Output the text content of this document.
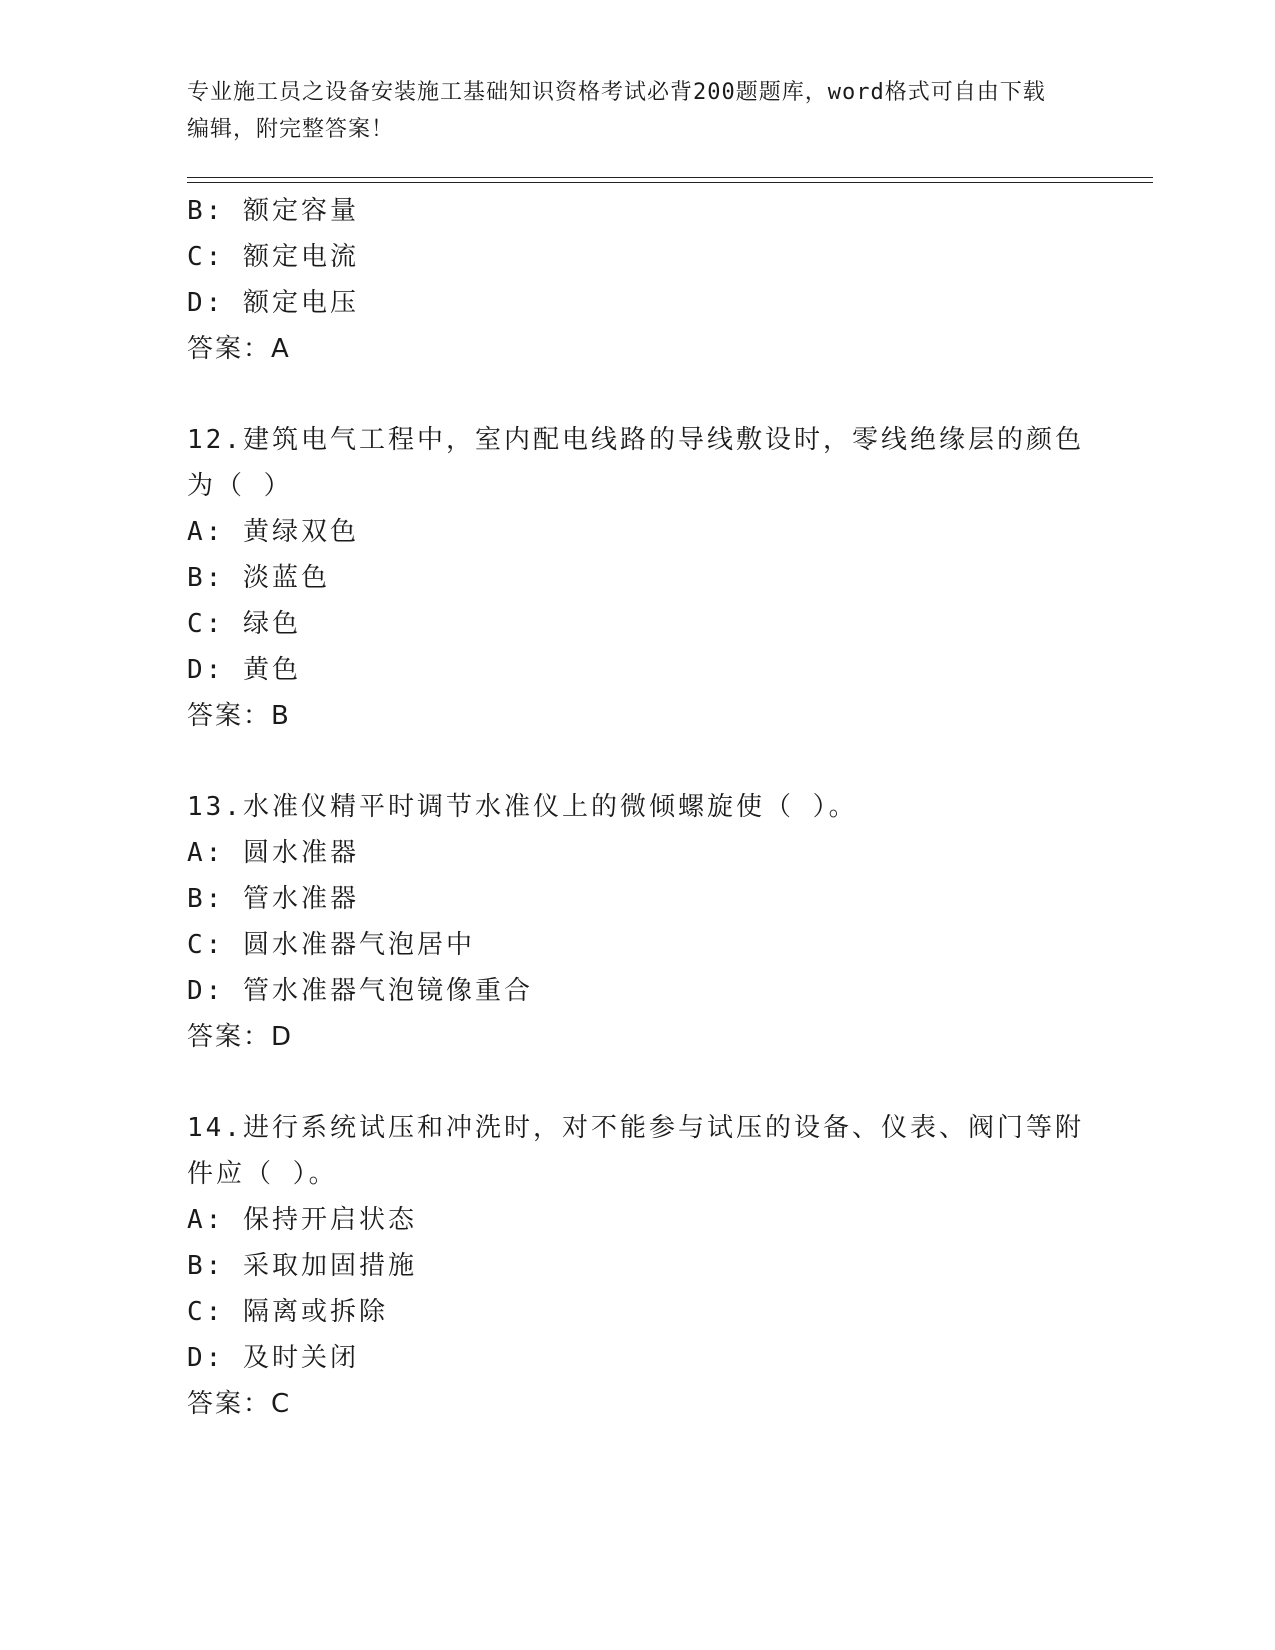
专业施工员之设备安装施工基础知识资格考试必背200题题库，word格式可自由下载编辑，附完整答案！
B: 额定容量
C: 额定电流
D: 额定电压
答案：A
12.建筑电气工程中，室内配电线路的导线敷设时，零线绝缘层的颜色
为（ ）
A: 黄绿双色
B: 淡蓝色
C: 绿色
D: 黄色
答案：B
13.水准仪精平时调节水准仪上的微倾螺旋使（ ）。
A: 圆水准器
B: 管水准器
C: 圆水准器气泡居中
D: 管水准器气泡镜像重合
答案：D
14.进行系统试压和冲洗时，对不能参与试压的设备、仪表、阀门等附
件应（ ）。
A: 保持开启状态
B: 采取加固措施
C: 隔离或拆除
D: 及时关闭
答案：C
